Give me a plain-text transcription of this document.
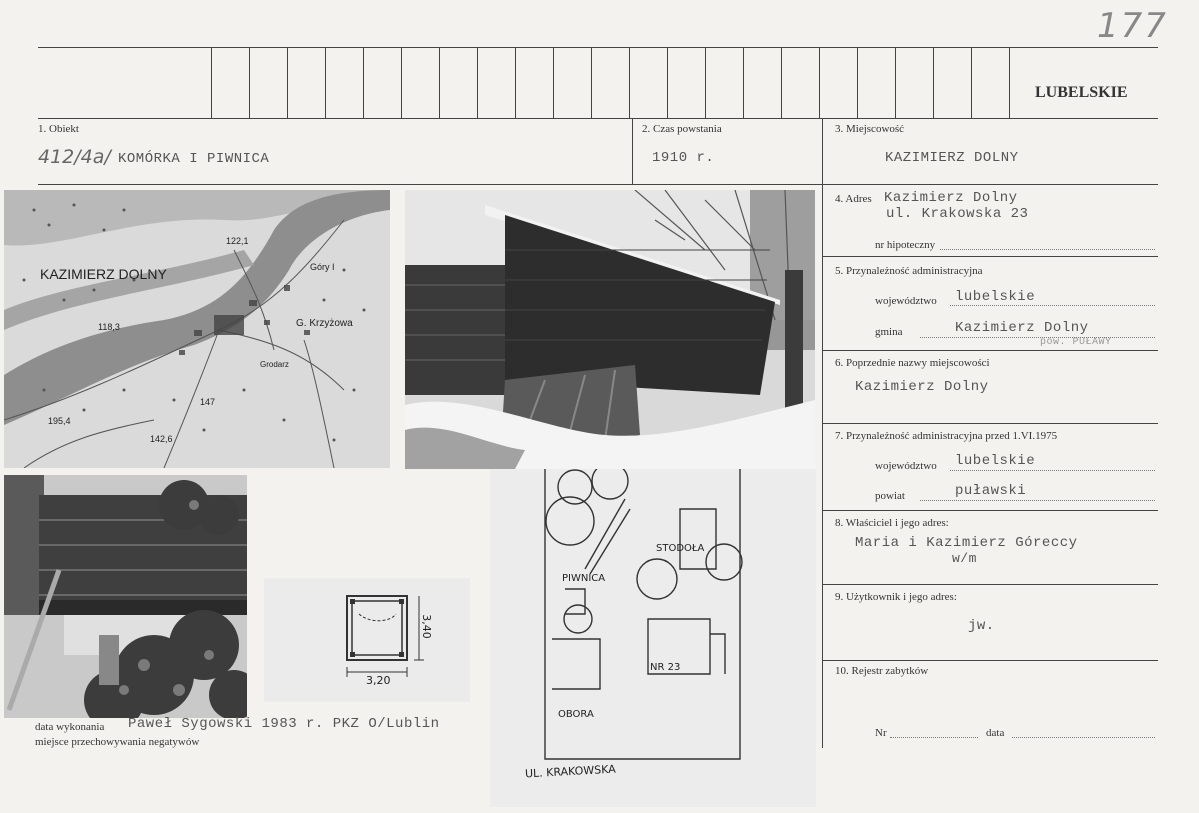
177
LUBELSKIE
1. Obiekt	2. Czas powstania	3. Miejscowość
412/4a/ KOMÓRKA I PIWNICA	1910 r.	KAZIMIERZ DOLNY
4. Adres Kazimierz Dolny
ul. Krakowska 23
nr hipoteczny
5. Przynależność administracyjna
województwo lubelskie
gmina	Kazimierz Dolny
pow. PUŁAWY
6. Poprzednie nazwy miejscowości
Kazimierz Dolny
7. Przynależność administracyjna przed 1.VI.1975
województwo lubelskie
powiat	puławski
8. Właściciel i jego adres:
Maria i Kazimierz Góreccy
w/m
9. Użytkownik i jego adres:
jw.
10. Rejestr zabytków
Nr	data
KAZIMIERZ DOLNY
122,1
Góry I
G. Krzyżowa
118,3
Grodarz
147
195,4
142,6
3,40
3,20
PIWNICA
STODOŁA
NR 23
OBORA
UL. KRAKOWSKA
data wykonania
miejsce przechowywania negatywów
Paweł Sygowski 1983 r. PKZ O/Lublin
